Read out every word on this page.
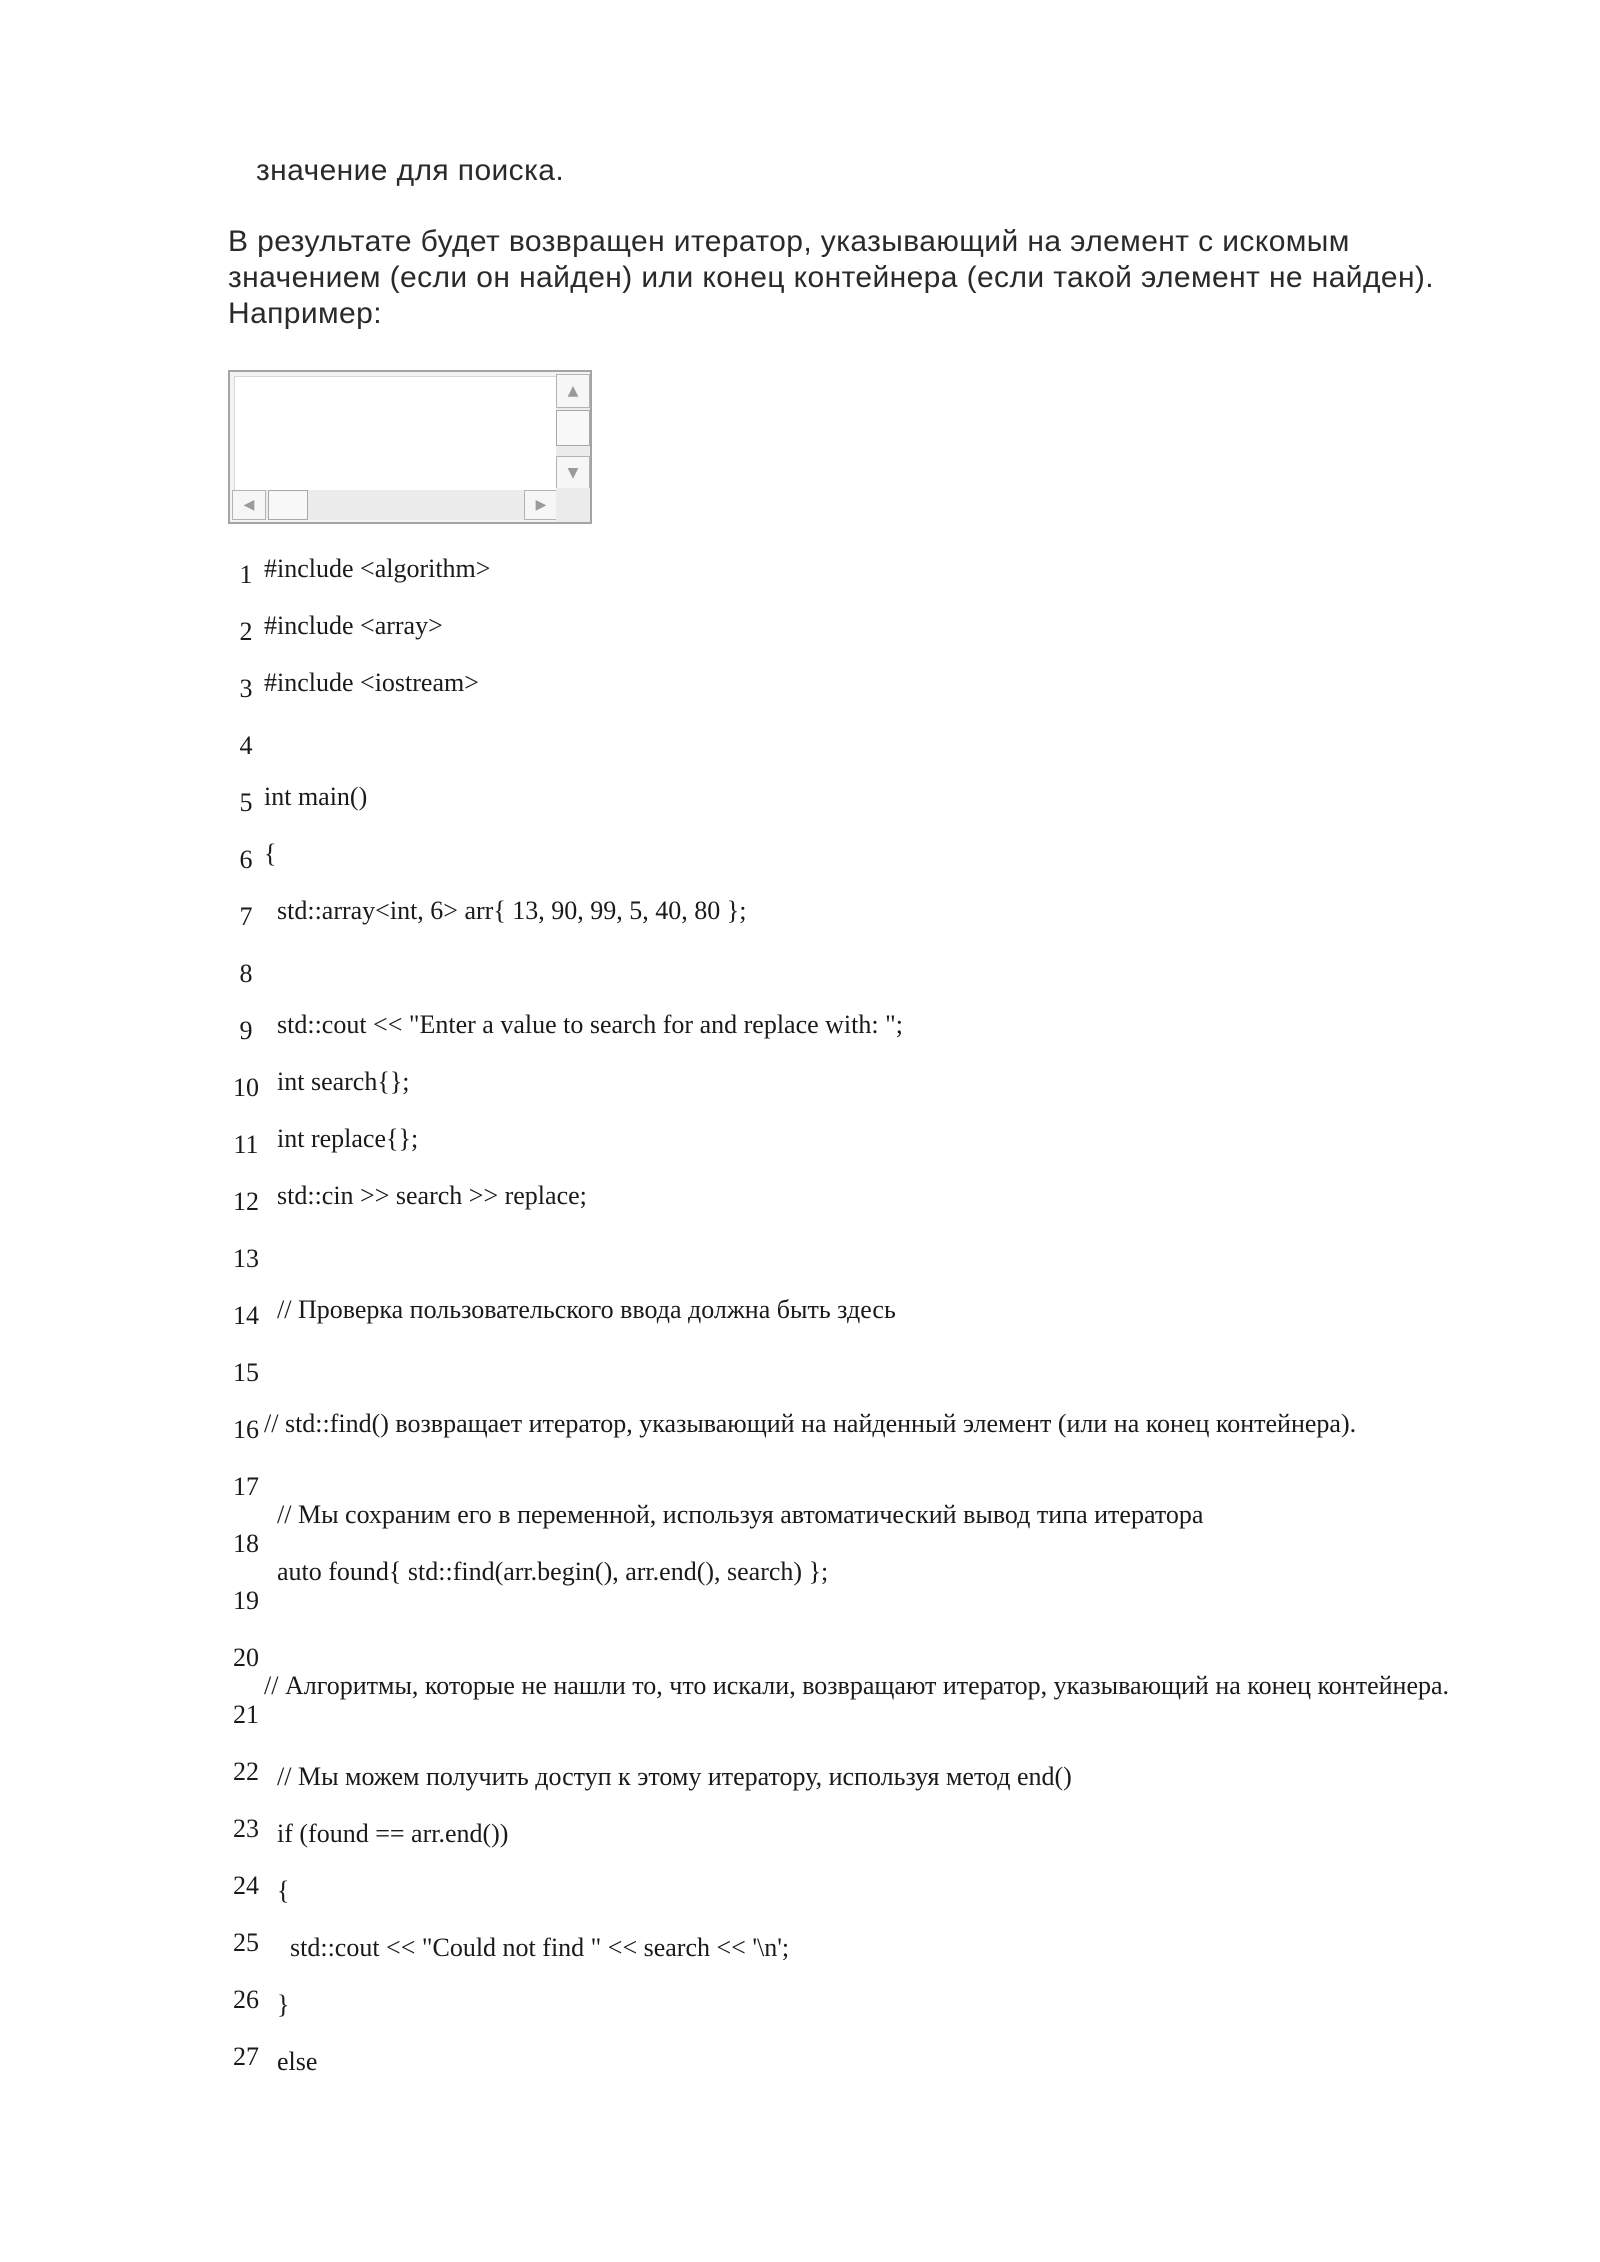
значение для поиска.
В результате будет возвращен итератор, указывающий на элемент с искомым значением (если он найден) или конец контейнера (если такой элемент не найден). Например:
▲
▼
◀	▶
1
2
3
4
5
6
7
8
9
10
11
12
13
14
15
16
17
18
19
20
21
22
23
24
25
26
27
#include <algorithm>
#include <array>
#include <iostream>
int main()
{
std::array<int, 6> arr{ 13, 90, 99, 5, 40, 80 };
std::cout << "Enter a value to search for and replace with: ";
int search{};
int replace{};
std::cin >> search >> replace;
// Проверка пользовательского ввода должна быть здесь
// std::find() возвращает итератор, указывающий на найденный элемент (или на конец контейнера).
// Мы сохраним его в переменной, используя автоматический вывод типа итератора
auto found{ std::find(arr.begin(), arr.end(), search) };
// Алгоритмы, которые не нашли то, что искали, возвращают итератор, указывающий на конец контейнера.
// Мы можем получить доступ к этому итератору, используя метод end()
if (found == arr.end())
{
std::cout << "Could not find " << search << '\n';
}
else
